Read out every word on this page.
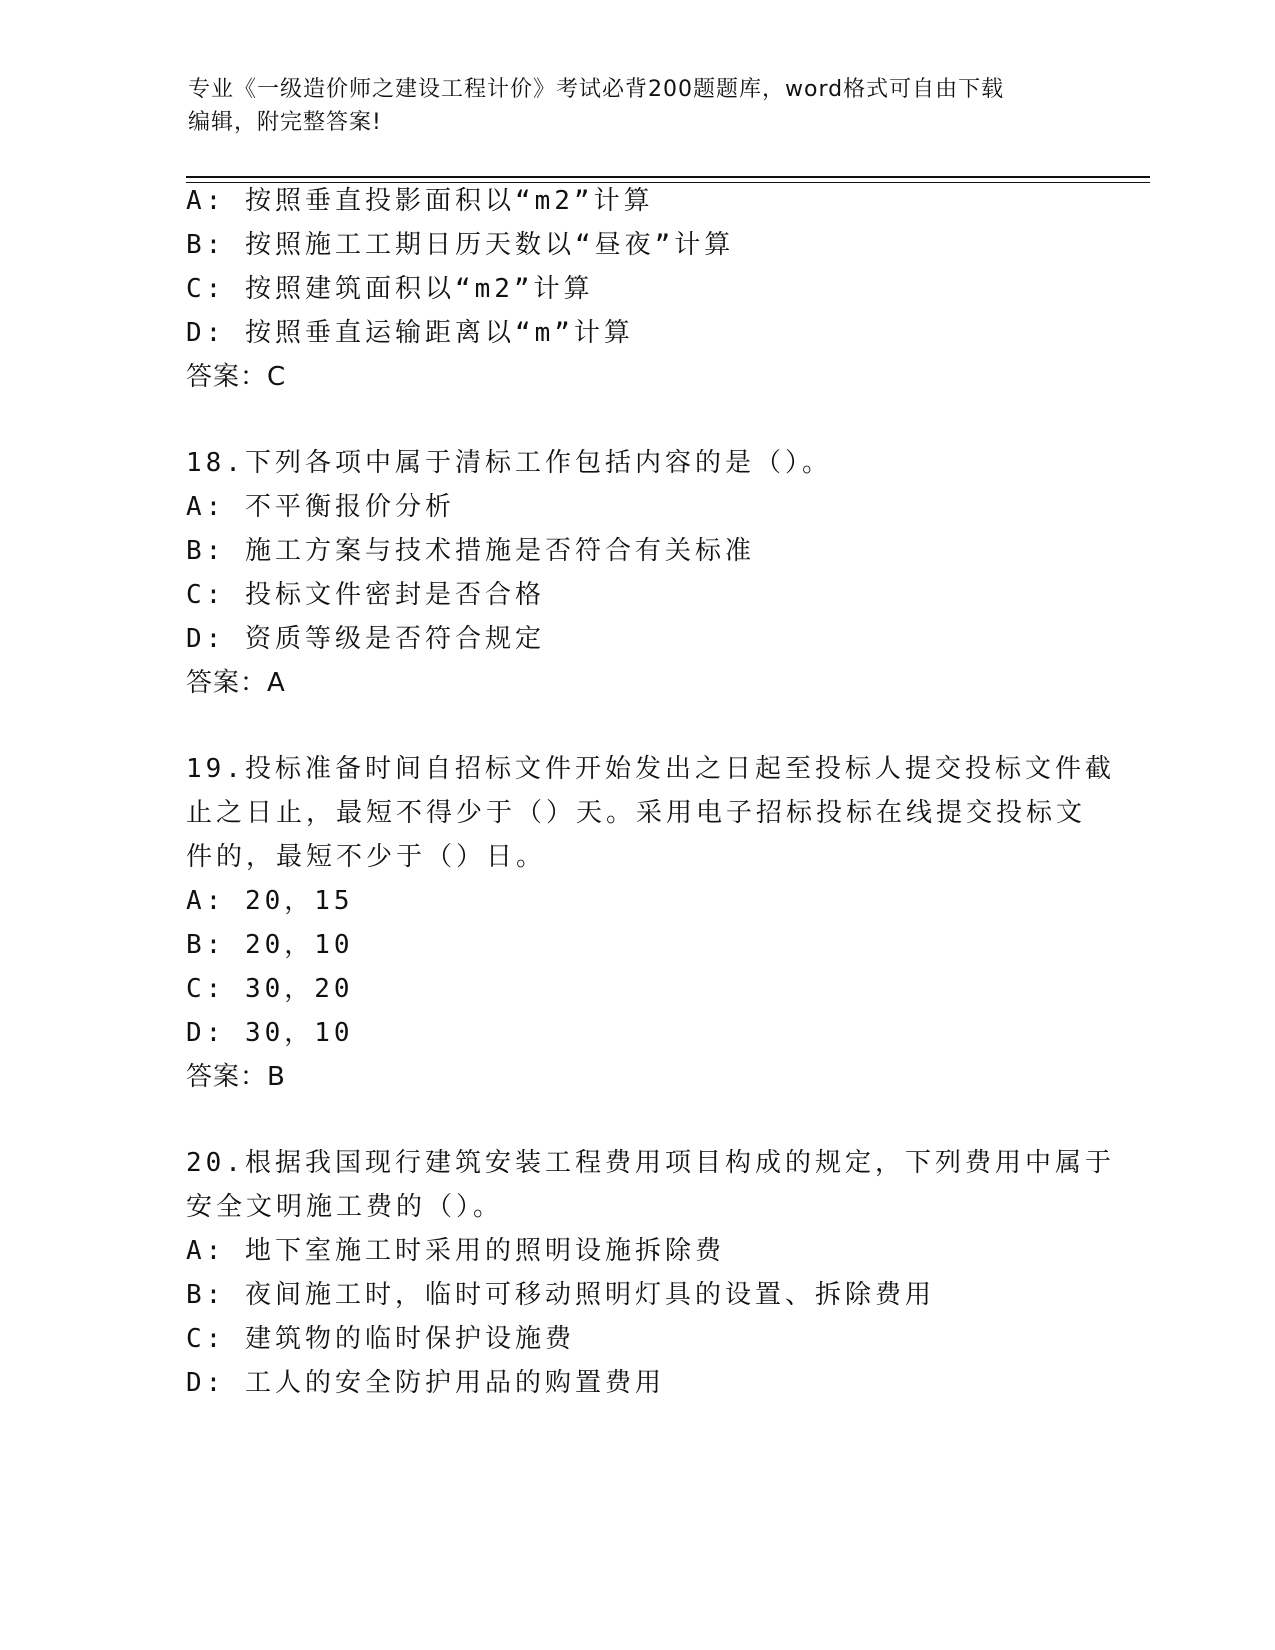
专业《一级造价师之建设工程计价》考试必背200题题库，word格式可自由下载
编辑，附完整答案!
A: 按照垂直投影面积以“m2”计算
B: 按照施工工期日历天数以“昼夜”计算
C: 按照建筑面积以“m2”计算
D: 按照垂直运输距离以“m”计算
答案：C
18.下列各项中属于清标工作包括内容的是（）。
A: 不平衡报价分析
B: 施工方案与技术措施是否符合有关标准
C: 投标文件密封是否合格
D: 资质等级是否符合规定
答案：A
19.投标准备时间自招标文件开始发出之日起至投标人提交投标文件截
止之日止，最短不得少于（）天。采用电子招标投标在线提交投标文
件的，最短不少于（）日。
A: 20，15
B: 20，10
C: 30，20
D: 30，10
答案：B
20.根据我国现行建筑安装工程费用项目构成的规定，下列费用中属于
安全文明施工费的（）。
A: 地下室施工时采用的照明设施拆除费
B: 夜间施工时，临时可移动照明灯具的设置、拆除费用
C: 建筑物的临时保护设施费
D: 工人的安全防护用品的购置费用
